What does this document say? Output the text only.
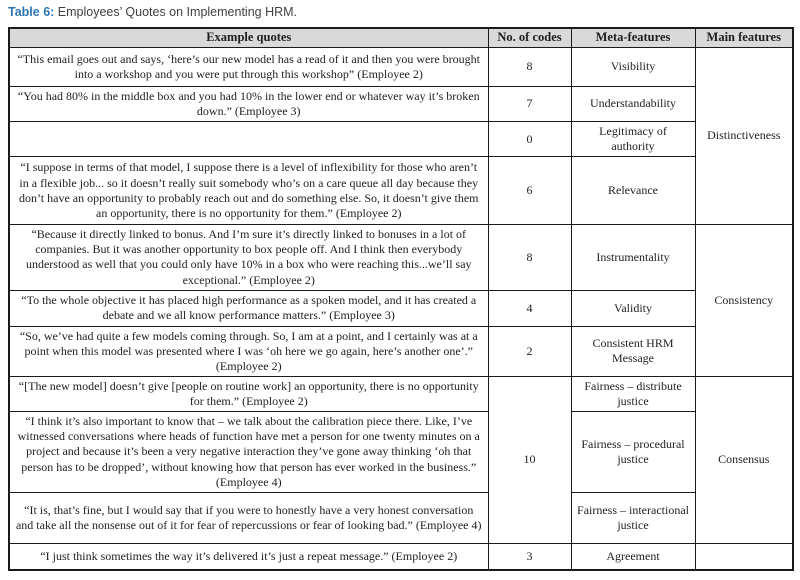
Table 6: Employees’ Quotes on Implementing HRM.
Example quotes	No. of codes	Meta-features	Main features
“This email goes out and says, ‘here’s our new model has a read of it and then you were brought into a workshop and you were put through this workshop” (Employee 2)	8	Visibility	Distinctiveness
“You had 80% in the middle box and you had 10% in the lower end or whatever way it’s broken down.” (Employee 3)	7	Understandability	
	0	Legitimacy of authority	
“I suppose in terms of that model, I suppose there is a level of inflexibility for those who aren’t in a flexible job... so it doesn’t really suit somebody who’s on a care queue all day because they don’t have an opportunity to probably reach out and do something else. So, it doesn’t give them an opportunity, there is no opportunity for them.” (Employee 2)	6	Relevance	
“Because it directly linked to bonus. And I’m sure it’s directly linked to bonuses in a lot of companies. But it was another opportunity to box people off. And I think then everybody understood as well that you could only have 10% in a box who were reaching this...we’ll say exceptional.” (Employee 2)	8	Instrumentality	Consistency
“To the whole objective it has placed high performance as a spoken model, and it has created a debate and we all know performance matters.” (Employee 3)	4	Validity	
“So, we’ve had quite a few models coming through. So, I am at a point, and I certainly was at a point when this model was presented where I was ‘oh here we go again, here’s another one’.” (Employee 2)	2	Consistent HRM Message	
“[The new model] doesn’t give [people on routine work] an opportunity, there is no opportunity for them.” (Employee 2)	10	Fairness – distribute justice	Consensus
“I think it’s also important to know that – we talk about the calibration piece there. Like, I’ve witnessed conversations where heads of function have met a person for one twenty minutes on a project and because it’s been a very negative interaction they’ve gone away thinking ‘oh that person has to be dropped’, without knowing how that person has ever worked in the business.” (Employee 4)		Fairness – procedural justice	
“It is, that’s fine, but I would say that if you were to honestly have a very honest conversation and take all the nonsense out of it for fear of repercussions or fear of looking bad.” (Employee 4)		Fairness – interactional justice	
“I just think sometimes the way it’s delivered it’s just a repeat message.” (Employee 2)	3	Agreement	
